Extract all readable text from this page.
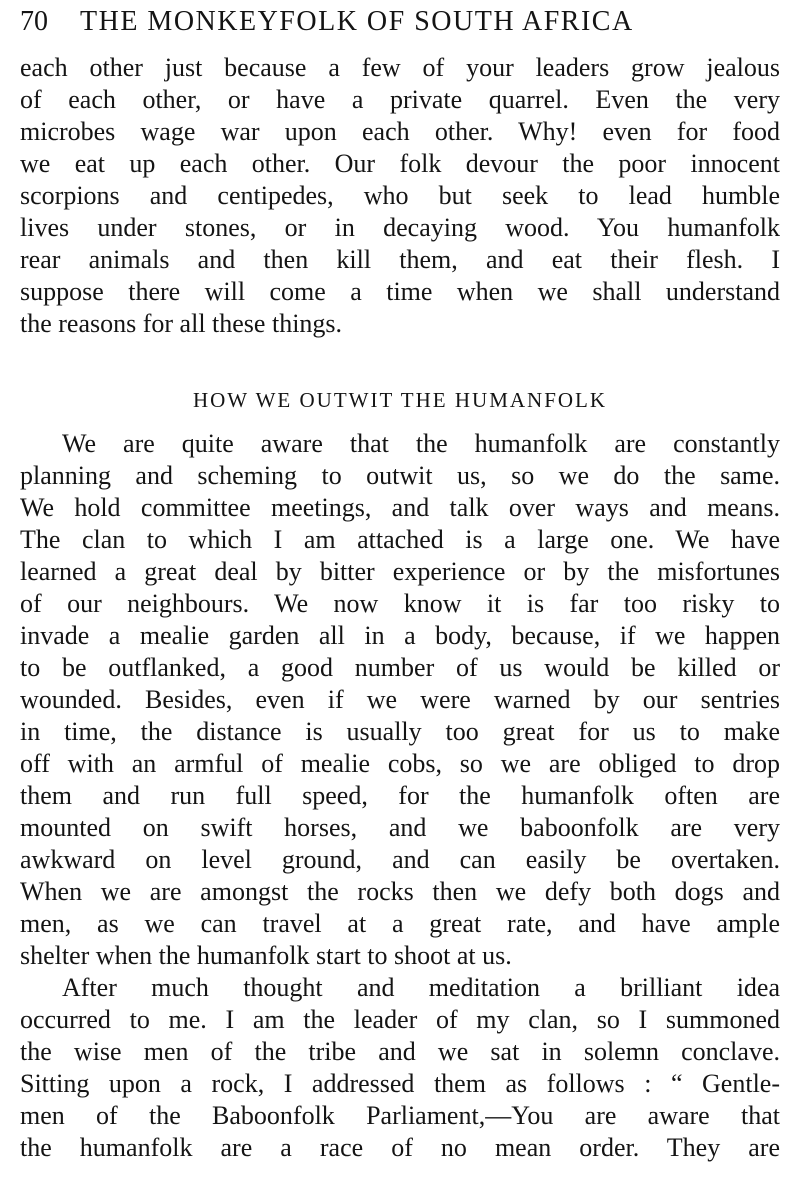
70	THE MONKEYFOLK OF SOUTH AFRICA
each other just because a few of your leaders grow jealous
of each other, or have a private quarrel. Even the very
microbes wage war upon each other. Why! even for food
we eat up each other. Our folk devour the poor innocent
scorpions and centipedes, who but seek to lead humble
lives under stones, or in decaying wood. You humanfolk
rear animals and then kill them, and eat their flesh. I
suppose there will come a time when we shall understand
the reasons for all these things.
HOW WE OUTWIT THE HUMANFOLK
We are quite aware that the humanfolk are constantly
planning and scheming to outwit us, so we do the same.
We hold committee meetings, and talk over ways and means.
The clan to which I am attached is a large one. We have
learned a great deal by bitter experience or by the misfortunes
of our neighbours. We now know it is far too risky to
invade a mealie garden all in a body, because, if we happen
to be outflanked, a good number of us would be killed or
wounded. Besides, even if we were warned by our sentries
in time, the distance is usually too great for us to make
off with an armful of mealie cobs, so we are obliged to drop
them and run full speed, for the humanfolk often are
mounted on swift horses, and we baboonfolk are very
awkward on level ground, and can easily be overtaken.
When we are amongst the rocks then we defy both dogs and
men, as we can travel at a great rate, and have ample
shelter when the humanfolk start to shoot at us.
After much thought and meditation a brilliant idea
occurred to me. I am the leader of my clan, so I summoned
the wise men of the tribe and we sat in solemn conclave.
Sitting upon a rock, I addressed them as follows : “ Gentle-
men of the Baboonfolk Parliament,—You are aware that
the humanfolk are a race of no mean order. They are
